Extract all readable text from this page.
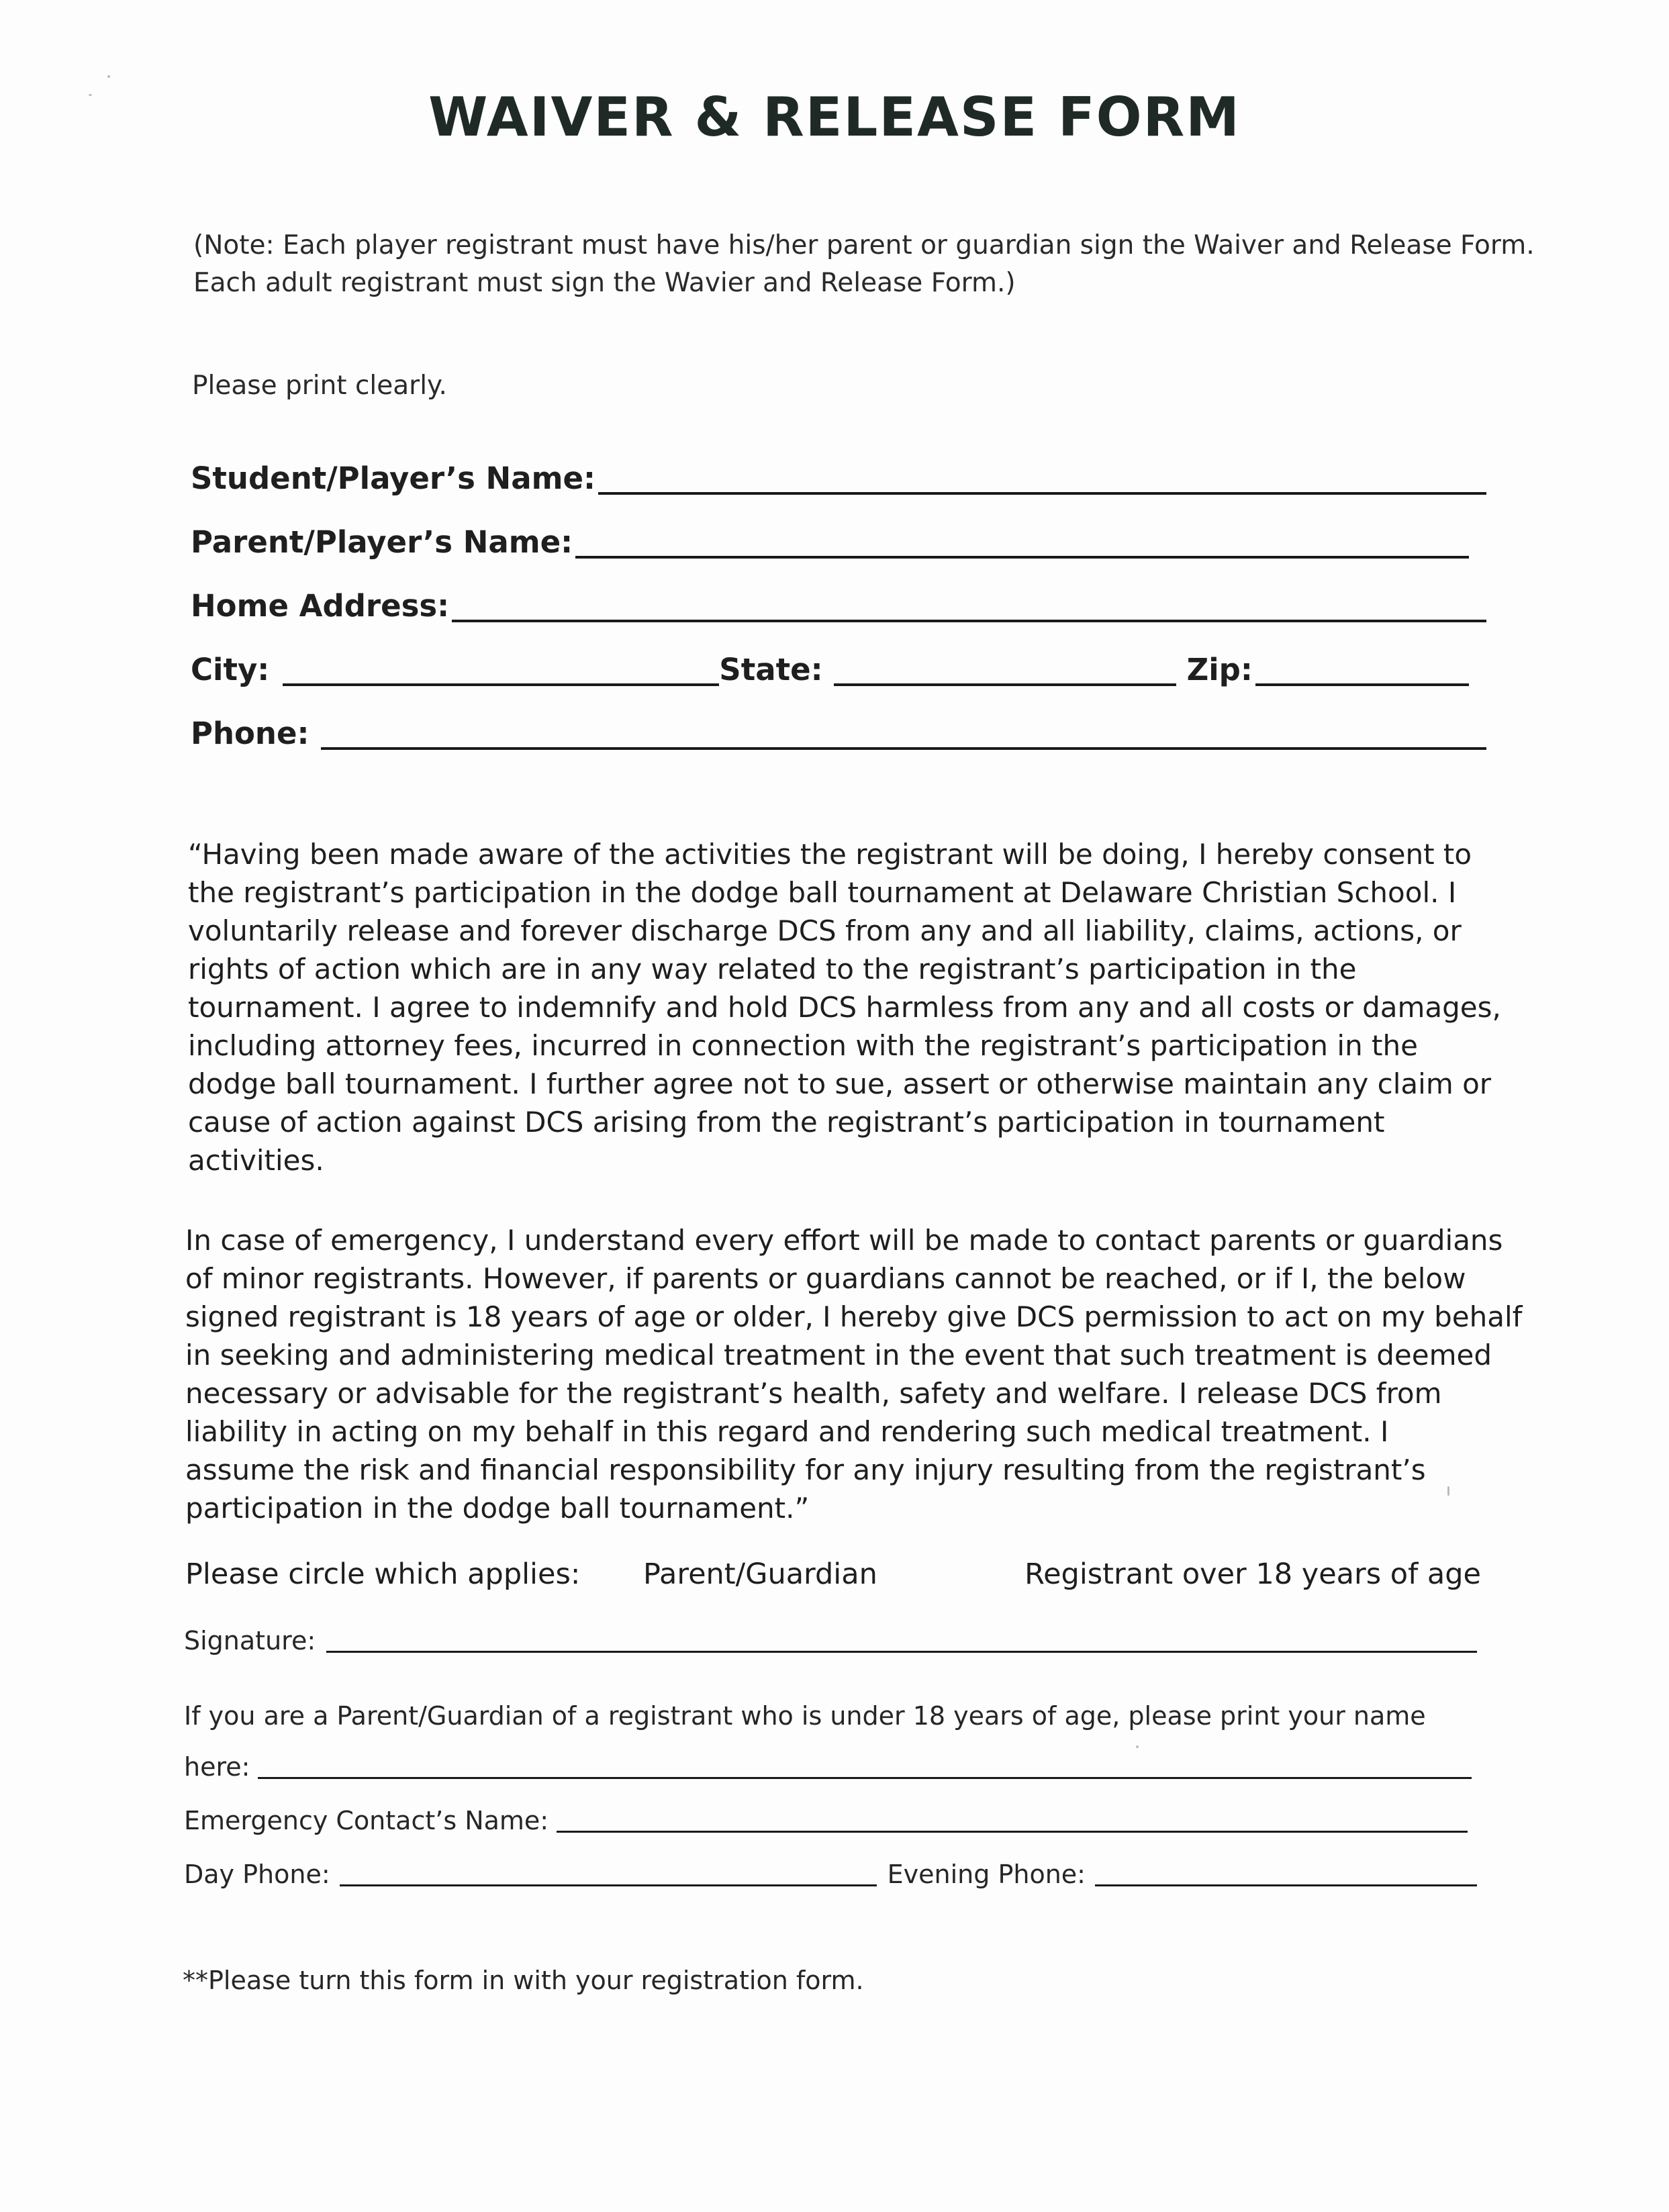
WAIVER & RELEASE FORM
(Note: Each player registrant must have his/her parent or guardian sign the Waiver and Release Form.
Each adult registrant must sign the Wavier and Release Form.)
Please print clearly.
Student/Player’s Name:
Parent/Player’s Name:
Home Address:
City:	State:	Zip:
Phone:
“Having been made aware of the activities the registrant will be doing, I hereby consent to
the registrant’s participation in the dodge ball tournament at Delaware Christian School. I
voluntarily release and forever discharge DCS from any and all liability, claims, actions, or
rights of action which are in any way related to the registrant’s participation in the
tournament. I agree to indemnify and hold DCS harmless from any and all costs or damages,
including attorney fees, incurred in connection with the registrant’s participation in the
dodge ball tournament. I further agree not to sue, assert or otherwise maintain any claim or
cause of action against DCS arising from the registrant’s participation in tournament
activities.
In case of emergency, I understand every effort will be made to contact parents or guardians
of minor registrants. However, if parents or guardians cannot be reached, or if I, the below
signed registrant is 18 years of age or older, I hereby give DCS permission to act on my behalf
in seeking and administering medical treatment in the event that such treatment is deemed
necessary or advisable for the registrant’s health, safety and welfare. I release DCS from
liability in acting on my behalf in this regard and rendering such medical treatment. I
assume the risk and financial responsibility for any injury resulting from the registrant’s
participation in the dodge ball tournament.”
Please circle which applies: Parent/Guardian	Registrant over 18 years of age
Signature:
If you are a Parent/Guardian of a registrant who is under 18 years of age, please print your name
here:
Emergency Contact’s Name:
Day Phone:	Evening Phone:
**Please turn this form in with your registration form.
